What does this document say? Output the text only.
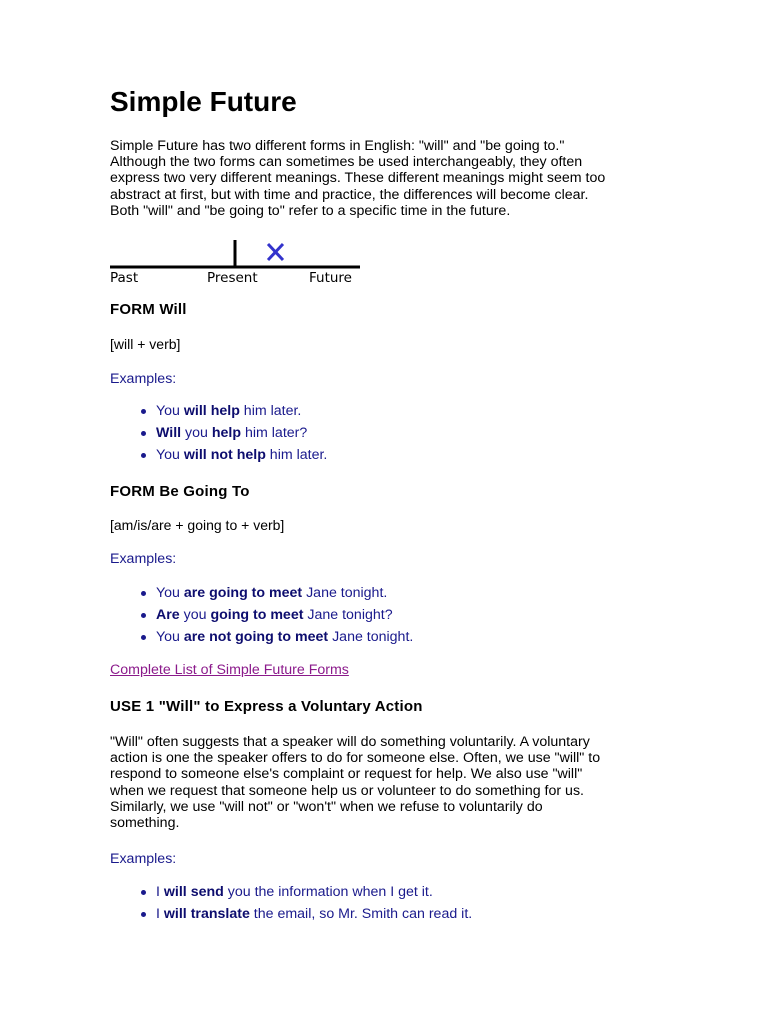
Simple Future

Simple Future has two different forms in English: "will" and "be going to."
Although the two forms can sometimes be used interchangeably, they often
express two very different meanings. These different meanings might seem too
abstract at first, but with time and practice, the differences will become clear.
Both "will" and "be going to" refer to a specific time in the future.

Past	Present	Future
FORM Will

[will + verb]

Examples:

You will help him later.
Will you help him later?
You will not help him later.
FORM Be Going To

[am/is/are + going to + verb]

Examples:

You are going to meet Jane tonight.
Are you going to meet Jane tonight?
You are not going to meet Jane tonight.
Complete List of Simple Future Forms
USE 1 "Will" to Express a Voluntary Action

"Will" often suggests that a speaker will do something voluntarily. A voluntary
action is one the speaker offers to do for someone else. Often, we use "will" to
respond to someone else's complaint or request for help. We also use "will"
when we request that someone help us or volunteer to do something for us.
Similarly, we use "will not" or "won't" when we refuse to voluntarily do
something.

Examples:

I will send you the information when I get it.
I will translate the email, so Mr. Smith can read it.
